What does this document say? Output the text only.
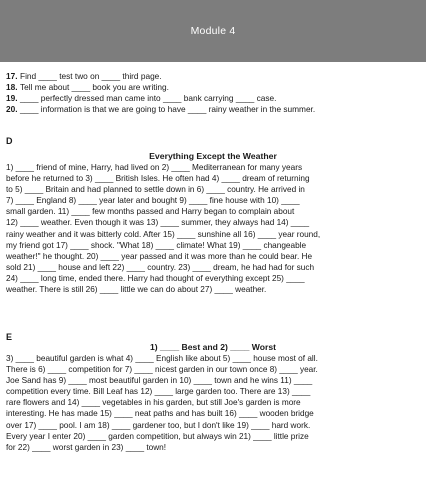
Module 4
17. Find ____ test two on ____ third page.
18. Tell me about ____ book you are writing.
19. ____ perfectly dressed man came into ____ bank carrying ____ case.
20. ____ information is that we are going to have ____ rainy weather in the summer.
D

Everything Except the Weather

1) ____ friend of mine, Harry, had lived on 2) ____ Mediterranean for many years
before he returned to 3) ____ British Isles. He often had 4) ____ dream of returning
to 5) ____ Britain and had planned to settle down in 6) ____ country. He arrived in
7) ____ England 8) ____ year later and bought 9) ____ fine house with 10) ____
small garden. 11) ____ few months passed and Harry began to complain about
12) ____ weather. Even though it was 13) ____ summer, they always had 14) ____
rainy weather and it was bitterly cold. After 15) ____ sunshine all 16) ____ year round,
my friend got 17) ____ shock. "What 18) ____ climate! What 19) ____ changeable
weather!" he thought. 20) ____ year passed and it was more than he could bear. He
sold 21) ____ house and left 22) ____ country. 23) ____ dream, he had had for such
24) ____ long time, ended there. Harry had thought of everything except 25) ____
weather. There is still 26) ____ little we can do about 27) ____ weather.

E

1) ____ Best and 2) ____ Worst

3) ____ beautiful garden is what 4) ____ English like about 5) ____ house most of all.
There is 6) ____ competition for 7) ____ nicest garden in our town once 8) ____ year.
Joe Sand has 9) ____ most beautiful garden in 10) ____ town and he wins 11) ____
competition every time. Bill Leaf has 12) ____ large garden too. There are 13) ____
rare flowers and 14) ____ vegetables in his garden, but still Joe's garden is more
interesting. He has made 15) ____ neat paths and has built 16) ____ wooden bridge
over 17) ____ pool. I am 18) ____ gardener too, but I don't like 19) ____ hard work.
Every year I enter 20) ____ garden competition, but always win 21) ____ little prize
for 22) ____ worst garden in 23) ____ town!
